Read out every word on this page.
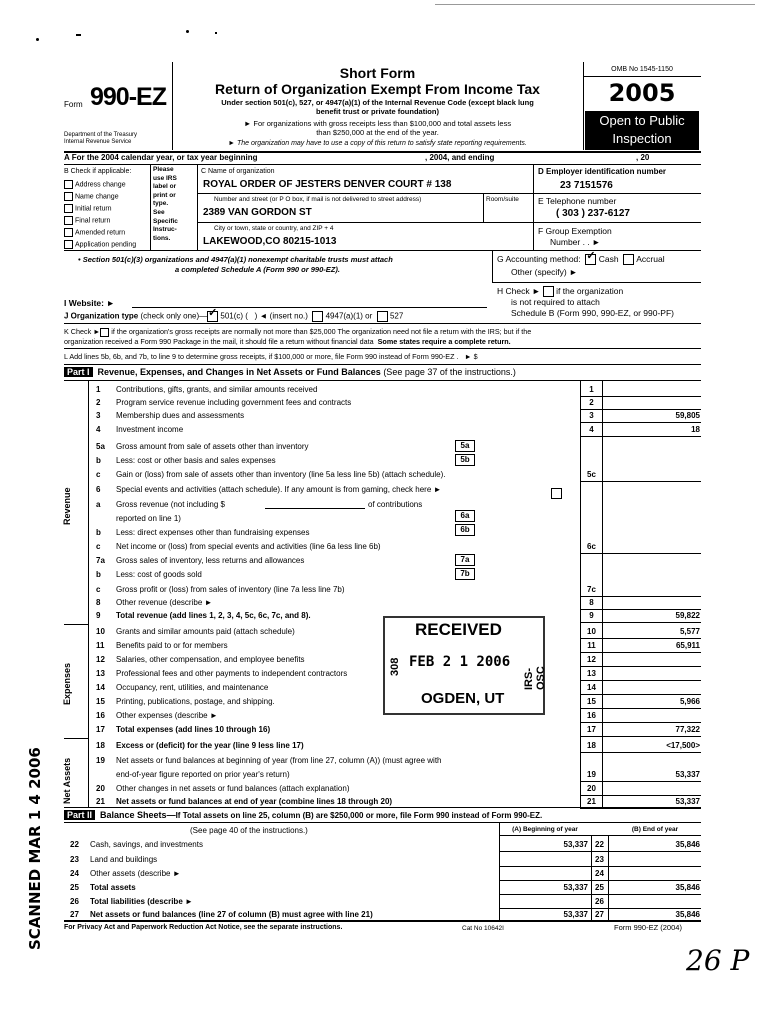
Form 990-EZ
Department of the Treasury
Internal Revenue Service
Short Form
Return of Organization Exempt From Income Tax
Under section 501(c), 527, or 4947(a)(1) of the Internal Revenue Code (except black lung
benefit trust or private foundation)
► For organizations with gross receipts less than $100,000 and total assets less
than $250,000 at the end of the year.
► The organization may have to use a copy of this return to satisfy state reporting requirements.
OMB No 1545-1150
2005
Open to Public Inspection
A For the 2004 calendar year, or tax year beginning	, 2004, and ending	, 20
B Check if applicable:
Address change
Name change
Initial return
Final return
Amended return
Application pending
Please
use IRS
label or
print or
type.
See
Specific
Instruc-
tions.
C Name of organization
ROYAL ORDER OF JESTERS DENVER COURT # 138
Number and street (or P O box, if mail is not delivered to street address)	Room/suite
2389 VAN GORDON ST
City or town, state or country, and ZIP + 4
LAKEWOOD,CO 80215-1013
D Employer identification number
23 7151576
E Telephone number
( 303 ) 237-6127
F Group Exemption
Number . . ►
• Section 501(c)(3) organizations and 4947(a)(1) nonexempt charitable trusts must attach
a completed Schedule A (Form 990 or 990-EZ).
G Accounting method: ✓ Cash Accrual
Other (specify) ►
H Check ► if the organization
is not required to attach
Schedule B (Form 990, 990-EZ, or 990-PF)
I Website: ►
J Organization type (check only one)— ✓ 501(c) ( ) ◄ (insert no.) 4947(a)(1) or 527
K Check ► if the organization's gross receipts are normally not more than $25,000 The organization need not file a return with the IRS; but if the
organization received a Form 990 Package in the mail, it should file a return without financial data Some states require a complete return.
L Add lines 5b, 6b, and 7b, to line 9 to determine gross receipts, if $100,000 or more, file Form 990 instead of Form 990-EZ . ► $
Part I Revenue, Expenses, and Changes in Net Assets or Fund Balances (See page 37 of the instructions.)
Revenue
Expenses
Net Assets
1 Contributions, gifts, grants, and similar amounts received	1
2 Program service revenue including government fees and contracts	2
3 Membership dues and assessments	3	59,805
4 Investment income	4	18
5a Gross amount from sale of assets other than inventory
b Less: cost or other basis and sales expenses
c Gain or (loss) from sale of assets other than inventory (line 5a less line 5b) (attach schedule).	5c
6 Special events and activities (attach schedule). If any amount is from gaming, check here ►
a Gross revenue (not including $
reported on line 1)
b Less: direct expenses other than fundraising expenses
c Net income or (loss) from special events and activities (line 6a less line 6b)	6c
7a Gross sales of inventory, less returns and allowances
b Less: cost of goods sold
c Gross profit or (loss) from sales of inventory (line 7a less line 7b)	7c
8 Other revenue (describe ►	8
9 Total revenue (add lines 1, 2, 3, 4, 5c, 6c, 7c, and 8).	9	59,822
10 Grants and similar amounts paid (attach schedule)	10	5,577
11 Benefits paid to or for members	11	65,911
12 Salaries, other compensation, and employee benefits	12
13 Professional fees and other payments to independent contractors	13
14 Occupancy, rent, utilities, and maintenance	14
15 Printing, publications, postage, and shipping.	15	5,966
16 Other expenses (describe ►	16
17 Total expenses (add lines 10 through 16)	17	77,322
18 Excess or (deficit) for the year (line 9 less line 17)	18	<17,500>
19 Net assets or fund balances at beginning of year (from line 27, column (A)) (must agree with
end-of-year figure reported on prior year's return)	19	53,337
20 Other changes in net assets or fund balances (attach explanation)	20
21 Net assets or fund balances at end of year (combine lines 18 through 20)	21	53,337
5a
5b
6a
6b
7a
7b
of contributions
Part II Balance Sheets—If Total assets on line 25, column (B) are $250,000 or more, file Form 990 instead of Form 990-EZ.
(See page 40 of the instructions.)	(A) Beginning of year	(B) End of year
22 Cash, savings, and investments	53,337 22	35,846
23 Land and buildings	23
24 Other assets (describe ►	24
25 Total assets	53,337 25	35,846
26 Total liabilities (describe ►	26
27 Net assets or fund balances (line 27 of column (B) must agree with line 21)	53,337 27	35,846
For Privacy Act and Paperwork Reduction Act Notice, see the separate instructions.	Cat No 10642I	Form 990-EZ (2004)
RECEIVED
FEB 2 1 2006
OGDEN, UT
308
IRS-OSC
SCANNED MAR 1 4 2006
26 P
